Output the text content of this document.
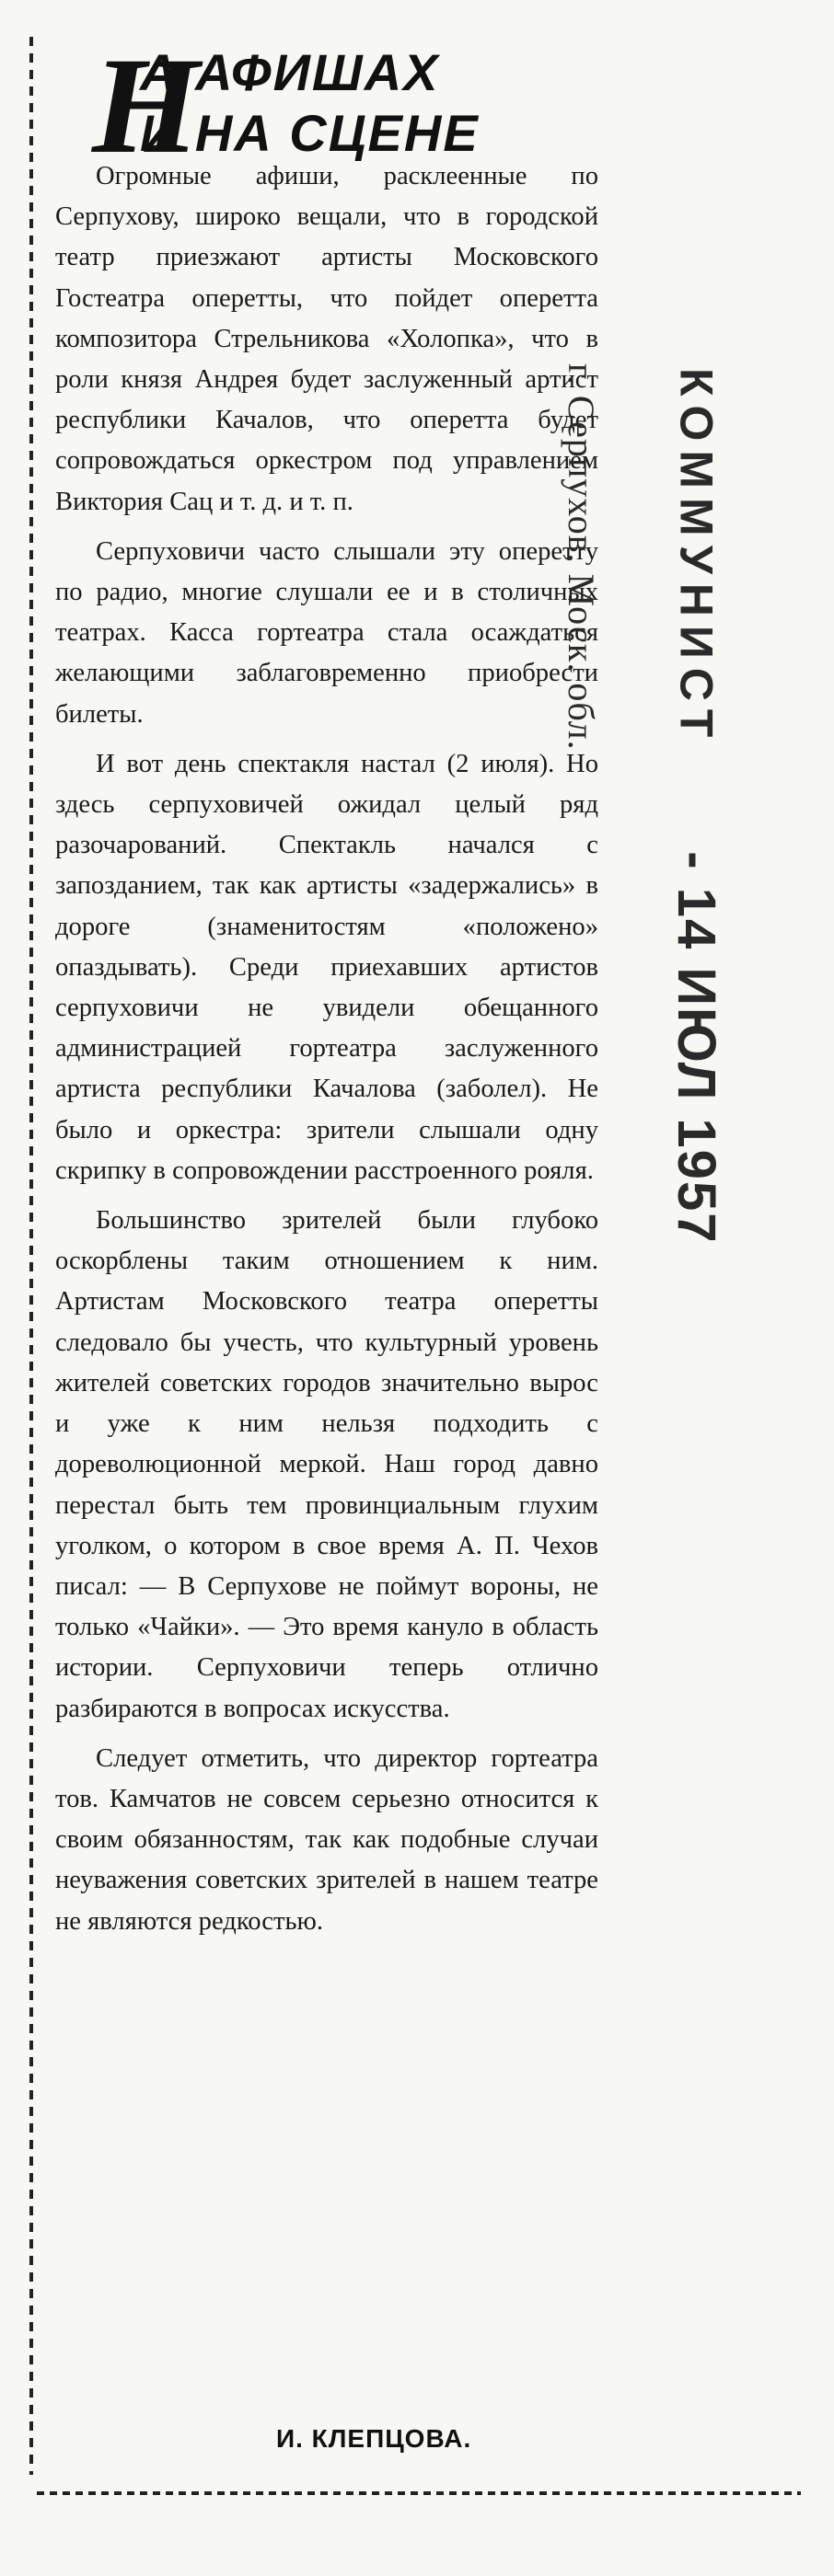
Н
А АФИШАХ
И НА СЦЕНЕ

Огромные афиши, расклеенные по Серпухову, широко вещали, что в городской театр приезжают артисты Московского Гостеатра оперетты, что пойдет оперетта композитора Стрельникова «Холопка», что в роли князя Андрея будет заслуженный артист республики Качалов, что оперетта будет сопровождаться оркестром под управлением Виктория Сац и т. д. и т. п.

Серпуховичи часто слышали эту оперетту по радио, многие слушали ее и в столичных театрах. Касса гортеатра стала осаждаться желающими заблаговременно приобрести билеты.

И вот день спектакля настал (2 июля). Но здесь серпуховичей ожидал целый ряд разочарований. Спектакль начался с запозданием, так как артисты «задержались» в дороге (знаменитостям «положено» опаздывать). Среди приехавших артистов серпуховичи не увидели обещанного администрацией гортеатра заслуженного артиста республики Качалова (заболел). Не было и оркестра: зрители слышали одну скрипку в сопровождении расстроенного рояля.

Большинство зрителей были глубоко оскорблены таким отношением к ним. Артистам Московского театра оперетты следовало бы учесть, что культурный уровень жителей советских городов значительно вырос и уже к ним нельзя подходить с дореволюционной меркой. Наш город давно перестал быть тем провинциальным глухим уголком, о котором в свое время А. П. Чехов писал: — В Серпухове не поймут вороны, не только «Чайки». — Это время кануло в область истории. Серпуховичи теперь отлично разбираются в вопросах искусства.

Следует отметить, что директор гортеатра тов. Камчатов не совсем серьезно относится к своим обязанностям, так как подобные случаи неуважения советских зрителей в нашем театре не являются редкостью.

И. КЛЕПЦОВА.
г. Серпухов, Моск. обл. КОММУНИСТ - 14 ИЮЛ 1957
